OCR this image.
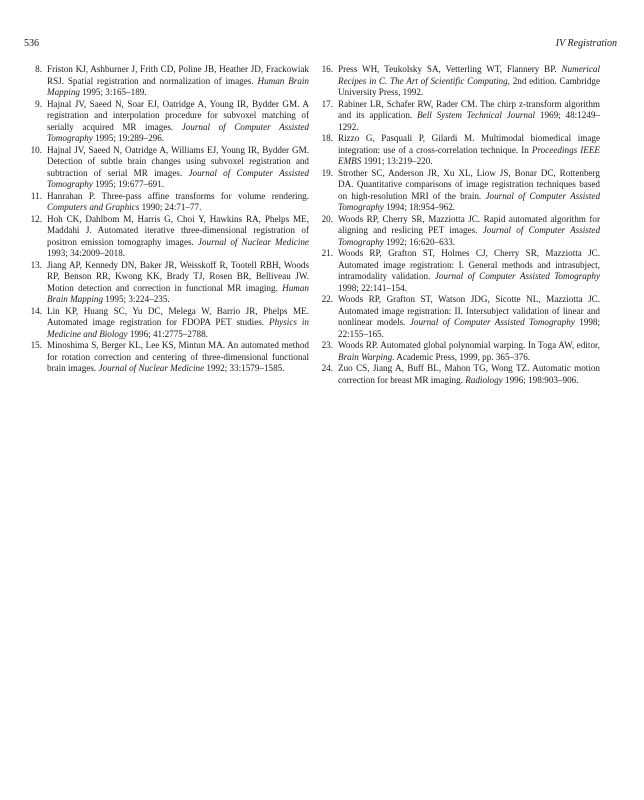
536	IV Registration

8. Friston KJ, Ashburner J, Frith CD, Poline JB, Heather JD, Frackowiak RSJ. Spatial registration and normalization of images. Human Brain Mapping 1995; 3:165–189.

9. Hajnal JV, Saeed N, Soar EJ, Oatridge A, Young IR, Bydder GM. A registration and interpolation procedure for subvoxel matching of serially acquired MR images. Journal of Computer Assisted Tomography 1995; 19:289–296.

10. Hajnal JV, Saeed N, Oatridge A, Williams EJ, Young IR, Bydder GM. Detection of subtle brain changes using subvoxel registration and subtraction of serial MR images. Journal of Computer Assisted Tomography 1995; 19:677–691.

11. Hanrahan P. Three-pass affine transforms for volume rendering. Computers and Graphics 1990; 24:71–77.

12. Hoh CK, Dahlbom M, Harris G, Choi Y, Hawkins RA, Phelps ME, Maddahi J. Automated iterative three-dimensional registration of positron emission tomography images. Journal of Nuclear Medicine 1993; 34:2009–2018.

13. Jiang AP, Kennedy DN, Baker JR, Weisskoff R, Tootell RBH, Woods RP, Benson RR, Kwong KK, Brady TJ, Rosen BR, Belliveau JW. Motion detection and correction in functional MR imaging. Human Brain Mapping 1995; 3:224–235.

14. Lin KP, Huang SC, Yu DC, Melega W, Barrio JR, Phelps ME. Automated image registration for FDOPA PET studies. Physics in Medicine and Biology 1996; 41:2775–2788.

15. Minoshima S, Berger KL, Lee KS, Mintun MA. An automated method for rotation correction and centering of three-dimensional functional brain images. Journal of Nuclear Medicine 1992; 33:1579–1585.

16. Press WH, Teukolsky SA, Vetterling WT, Flannery BP. Numerical Recipes in C. The Art of Scientific Computing, 2nd edition. Cambridge University Press, 1992.

17. Rabiner LR, Schafer RW, Rader CM. The chirp z-transform algorithm and its application. Bell System Technical Journal 1969; 48:1249–1292.

18. Rizzo G, Pasquali P, Gilardi M. Multimodal biomedical image integration: use of a cross-correlation technique. In Proceedings IEEE EMBS 1991; 13:219–220.

19. Strother SC, Anderson JR, Xu XL, Liow JS, Bonar DC, Rottenberg DA. Quantitative comparisons of image registration techniques based on high-resolution MRI of the brain. Journal of Computer Assisted Tomography 1994; 18:954–962.

20. Woods RP, Cherry SR, Mazziotta JC. Rapid automated algorithm for aligning and reslicing PET images. Journal of Computer Assisted Tomography 1992; 16:620–633.

21. Woods RP, Grafton ST, Holmes CJ, Cherry SR, Mazziotta JC. Automated image registration: I. General methods and intrasubject, intramodality validation. Journal of Computer Assisted Tomography 1998; 22:141–154.

22. Woods RP, Grafton ST, Watson JDG, Sicotte NL, Mazziotta JC. Automated image registration: II. Intersubject validation of linear and nonlinear models. Journal of Computer Assisted Tomography 1998; 22:155–165.

23. Woods RP. Automated global polynomial warping. In Toga AW, editor, Brain Warping. Academic Press, 1999, pp. 365–376.

24. Zuo CS, Jiang A, Buff BL, Mahon TG, Wong TZ. Automatic motion correction for breast MR imaging. Radiology 1996; 198:903–906.
